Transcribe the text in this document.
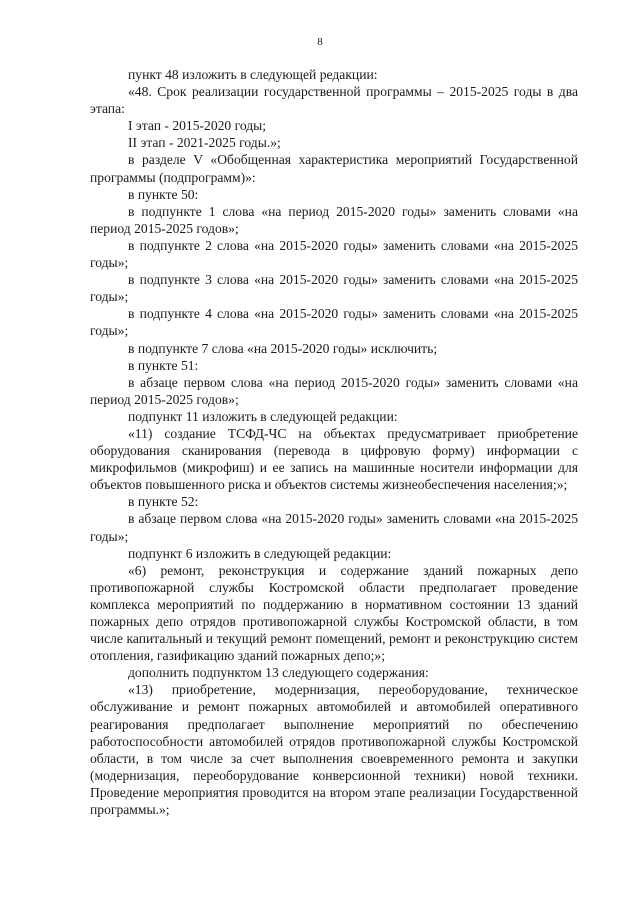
8

пункт 48 изложить в следующей редакции:

«48. Срок реализации государственной программы – 2015-2025 годы в два этапа:

I этап - 2015-2020 годы;

II этап - 2021-2025 годы.»;

в разделе V «Обобщенная характеристика мероприятий Государственной программы (подпрограмм)»:

в пункте 50:

в подпункте 1 слова «на период 2015-2020 годы» заменить словами «на период 2015-2025 годов»;

в подпункте 2 слова «на 2015-2020 годы» заменить словами «на 2015-2025 годы»;

в подпункте 3 слова «на 2015-2020 годы» заменить словами «на 2015-2025 годы»;

в подпункте 4 слова «на 2015-2020 годы» заменить словами «на 2015-2025 годы»;

в подпункте 7 слова «на 2015-2020 годы» исключить;

в пункте 51:

в абзаце первом слова «на период 2015-2020 годы» заменить словами «на период 2015-2025 годов»;

подпункт 11 изложить в следующей редакции:

«11) создание ТСФД-ЧС на объектах предусматривает приобретение оборудования сканирования (перевода в цифровую форму) информации с микрофильмов (микрофиш) и ее запись на машинные носители информации для объектов повышенного риска и объектов системы жизнеобеспечения населения;»;

в пункте 52:

в абзаце первом слова «на 2015-2020 годы» заменить словами «на 2015-2025 годы»;

подпункт 6 изложить в следующей редакции:

«6) ремонт, реконструкция и содержание зданий пожарных депо противопожарной службы Костромской области предполагает проведение комплекса мероприятий по поддержанию в нормативном состоянии 13 зданий пожарных депо отрядов противопожарной службы Костромской области, в том числе капитальный и текущий ремонт помещений, ремонт и реконструкцию систем отопления, газификацию зданий пожарных депо;»;

дополнить подпунктом 13 следующего содержания:

«13) приобретение, модернизация, переоборудование, техническое обслуживание и ремонт пожарных автомобилей и автомобилей оперативного реагирования предполагает выполнение мероприятий по обеспечению работоспособности автомобилей отрядов противопожарной службы Костромской области, в том числе за счет выполнения своевременного ремонта и закупки (модернизация, переоборудование конверсионной техники) новой техники. Проведение мероприятия проводится на втором этапе реализации Государственной программы.»;
